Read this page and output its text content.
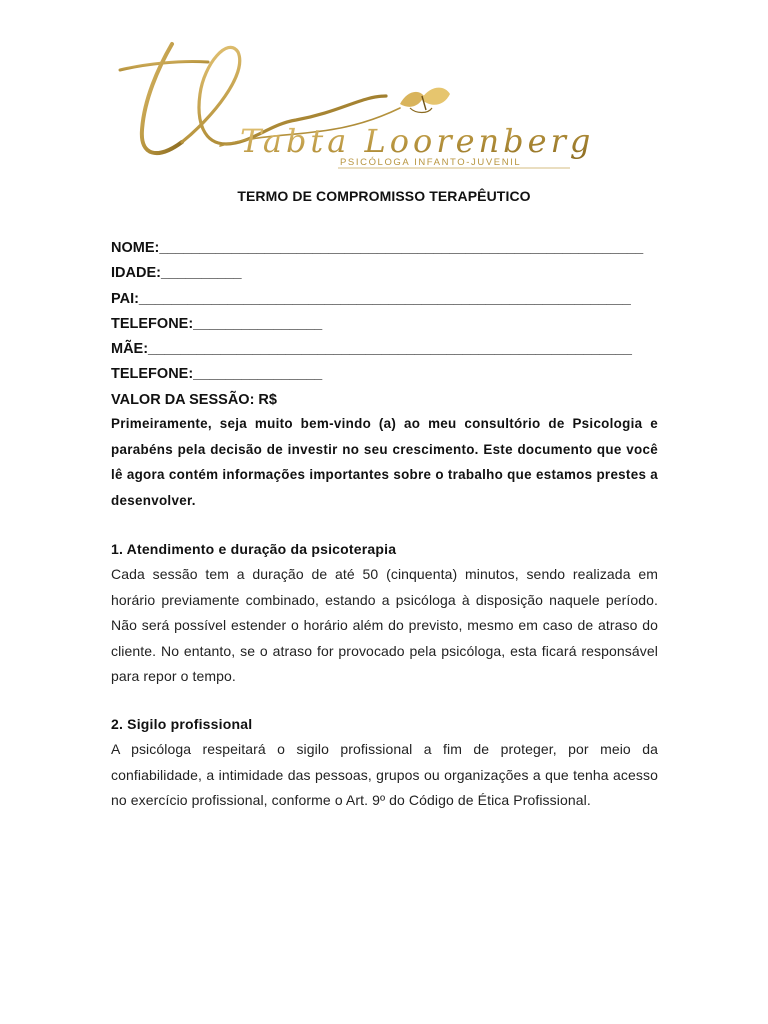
Tabta Loorenberg
PSICÓLOGA INFANTO-JUVENIL
TERMO DE COMPROMISSO TERAPÊUTICO
NOME:____________________________________________________________
IDADE:__________
PAI:_____________________________________________________________
TELEFONE:________________
MÃE:____________________________________________________________
TELEFONE:________________
VALOR DA SESSÃO: R$
Primeiramente, seja muito bem-vindo (a) ao meu consultório de Psicologia e parabéns pela decisão de investir no seu crescimento. Este documento que você lê agora contém informações importantes sobre o trabalho que estamos prestes a desenvolver.
1. Atendimento e duração da psicoterapia
Cada sessão tem a duração de até 50 (cinquenta) minutos, sendo realizada em horário previamente combinado, estando a psicóloga à disposição naquele período. Não será possível estender o horário além do previsto, mesmo em caso de atraso do cliente. No entanto, se o atraso for provocado pela psicóloga, esta ficará responsável para repor o tempo.
2. Sigilo profissional
A psicóloga respeitará o sigilo profissional a fim de proteger, por meio da confiabilidade, a intimidade das pessoas, grupos ou organizações a que tenha acesso no exercício profissional, conforme o Art. 9º do Código de Ética Profissional.
